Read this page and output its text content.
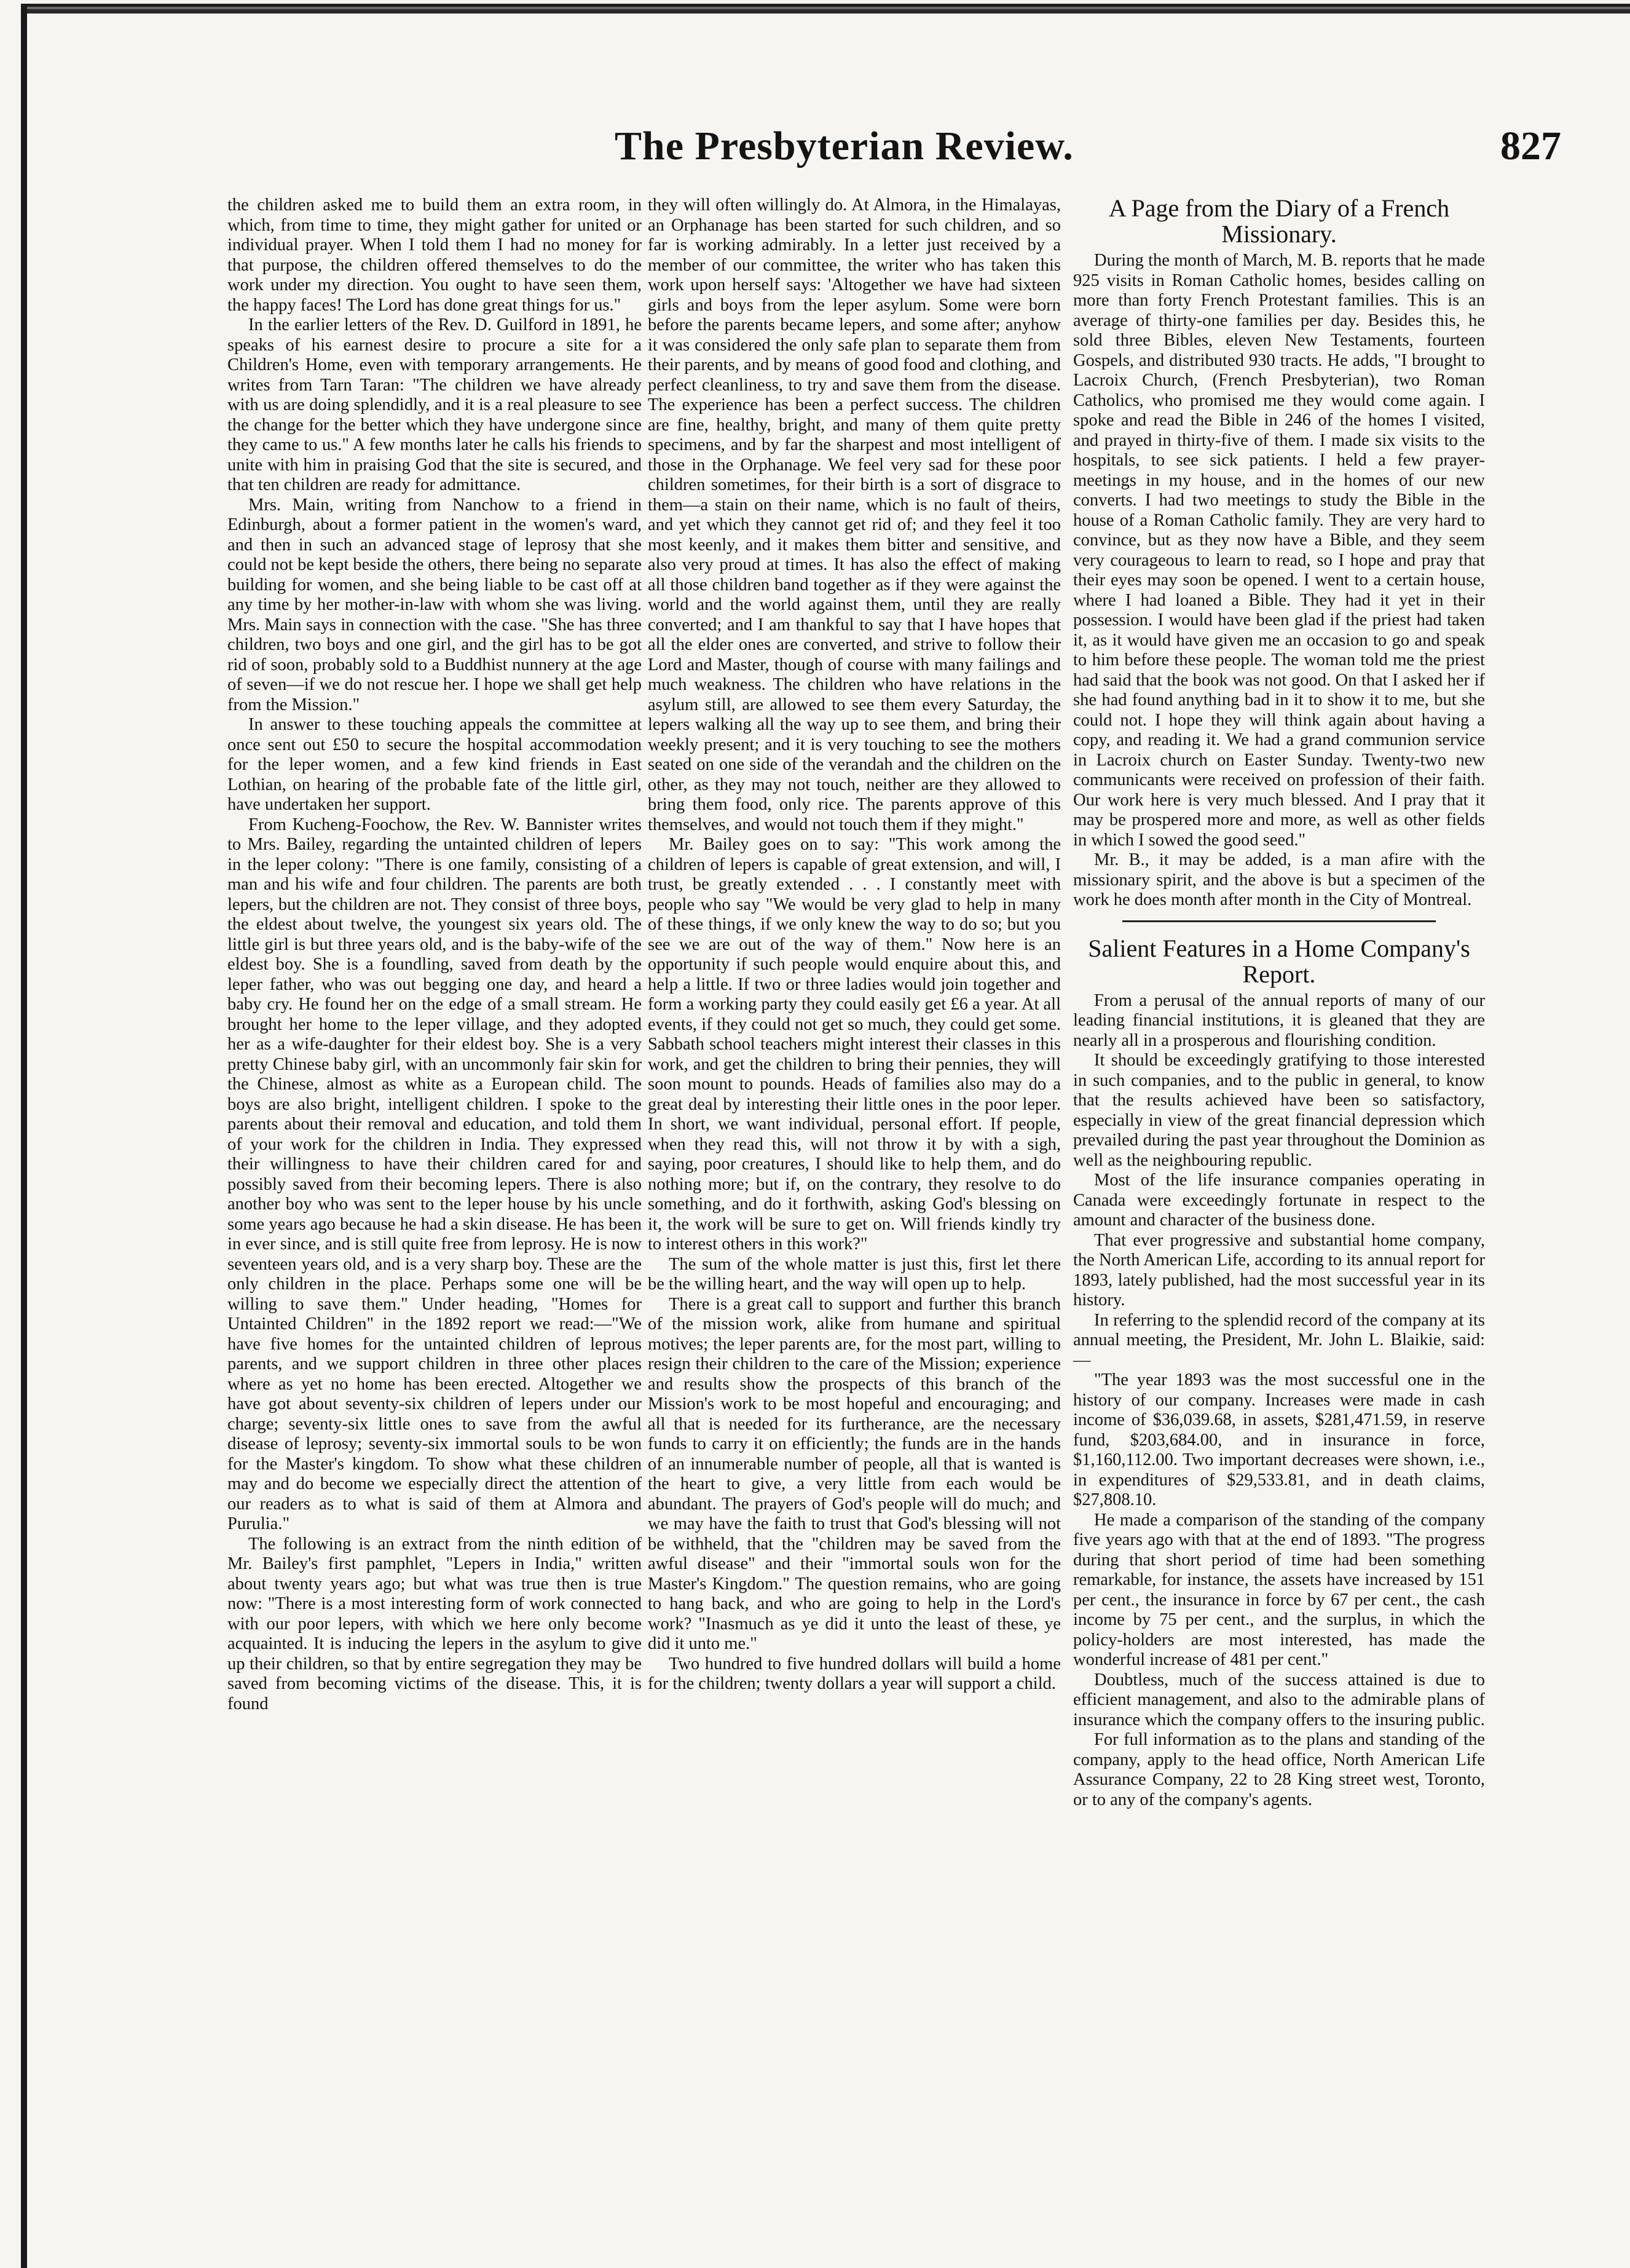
The Presbyterian Review.	827

the children asked me to build them an extra room, in which, from time to time, they might gather for united or individual prayer. When I told them I had no money for that purpose, the children offered themselves to do the work under my direction. You ought to have seen them, the happy faces! The Lord has done great things for us."

In the earlier letters of the Rev. D. Guilford in 1891, he speaks of his earnest desire to procure a site for a Children's Home, even with temporary arrangements. He writes from Tarn Taran: "The children we have already with us are doing splendidly, and it is a real pleasure to see the change for the better which they have undergone since they came to us." A few months later he calls his friends to unite with him in praising God that the site is secured, and that ten children are ready for admittance.

Mrs. Main, writing from Nanchow to a friend in Edinburgh, about a former patient in the women's ward, and then in such an advanced stage of leprosy that she could not be kept beside the others, there being no separate building for women, and she being liable to be cast off at any time by her mother-in-law with whom she was living. Mrs. Main says in connection with the case. "She has three children, two boys and one girl, and the girl has to be got rid of soon, probably sold to a Buddhist nunnery at the age of seven—if we do not rescue her. I hope we shall get help from the Mission."

In answer to these touching appeals the committee at once sent out £50 to secure the hospital accommodation for the leper women, and a few kind friends in East Lothian, on hearing of the probable fate of the little girl, have undertaken her support.

From Kucheng-Foochow, the Rev. W. Bannister writes to Mrs. Bailey, regarding the untainted children of lepers in the leper colony: "There is one family, consisting of a man and his wife and four children. The parents are both lepers, but the children are not. They consist of three boys, the eldest about twelve, the youngest six years old. The little girl is but three years old, and is the baby-wife of the eldest boy. She is a foundling, saved from death by the leper father, who was out begging one day, and heard a baby cry. He found her on the edge of a small stream. He brought her home to the leper village, and they adopted her as a wife-daughter for their eldest boy. She is a very pretty Chinese baby girl, with an uncommonly fair skin for the Chinese, almost as white as a European child. The boys are also bright, intelligent children. I spoke to the parents about their removal and education, and told them of your work for the children in India. They expressed their willingness to have their children cared for and possibly saved from their becoming lepers. There is also another boy who was sent to the leper house by his uncle some years ago because he had a skin disease. He has been in ever since, and is still quite free from leprosy. He is now seventeen years old, and is a very sharp boy. These are the only children in the place. Perhaps some one will be willing to save them." Under heading, "Homes for Untainted Children" in the 1892 report we read:—"We have five homes for the untainted children of leprous parents, and we support children in three other places where as yet no home has been erected. Altogether we have got about seventy-six children of lepers under our charge; seventy-six little ones to save from the awful disease of leprosy; seventy-six immortal souls to be won for the Master's kingdom. To show what these children may and do become we especially direct the attention of our readers as to what is said of them at Almora and Purulia."

The following is an extract from the ninth edition of Mr. Bailey's first pamphlet, "Lepers in India," written about twenty years ago; but what was true then is true now: "There is a most interesting form of work connected with our poor lepers, with which we here only become acquainted. It is inducing the lepers in the asylum to give up their children, so that by entire segregation they may be saved from becoming victims of the disease. This, it is found

they will often willingly do. At Almora, in the Himalayas, an Orphanage has been started for such children, and so far is working admirably. In a letter just received by a member of our committee, the writer who has taken this work upon herself says: 'Altogether we have had sixteen girls and boys from the leper asylum. Some were born before the parents became lepers, and some after; anyhow it was considered the only safe plan to separate them from their parents, and by means of good food and clothing, and perfect cleanliness, to try and save them from the disease. The experience has been a perfect success. The children are fine, healthy, bright, and many of them quite pretty specimens, and by far the sharpest and most intelligent of those in the Orphanage. We feel very sad for these poor children sometimes, for their birth is a sort of disgrace to them—a stain on their name, which is no fault of theirs, and yet which they cannot get rid of; and they feel it too most keenly, and it makes them bitter and sensitive, and also very proud at times. It has also the effect of making all those children band together as if they were against the world and the world against them, until they are really converted; and I am thankful to say that I have hopes that all the elder ones are converted, and strive to follow their Lord and Master, though of course with many failings and much weakness. The children who have relations in the asylum still, are allowed to see them every Saturday, the lepers walking all the way up to see them, and bring their weekly present; and it is very touching to see the mothers seated on one side of the verandah and the children on the other, as they may not touch, neither are they allowed to bring them food, only rice. The parents approve of this themselves, and would not touch them if they might."

Mr. Bailey goes on to say: "This work among the children of lepers is capable of great extension, and will, I trust, be greatly extended . . . I constantly meet with people who say "We would be very glad to help in many of these things, if we only knew the way to do so; but you see we are out of the way of them." Now here is an opportunity if such people would enquire about this, and help a little. If two or three ladies would join together and form a working party they could easily get £6 a year. At all events, if they could not get so much, they could get some. Sabbath school teachers might interest their classes in this work, and get the children to bring their pennies, they will soon mount to pounds. Heads of families also may do a great deal by interesting their little ones in the poor leper. In short, we want individual, personal effort. If people, when they read this, will not throw it by with a sigh, saying, poor creatures, I should like to help them, and do nothing more; but if, on the contrary, they resolve to do something, and do it forthwith, asking God's blessing on it, the work will be sure to get on. Will friends kindly try to interest others in this work?"

The sum of the whole matter is just this, first let there be the willing heart, and the way will open up to help.

There is a great call to support and further this branch of the mission work, alike from humane and spiritual motives; the leper parents are, for the most part, willing to resign their children to the care of the Mission; experience and results show the prospects of this branch of the Mission's work to be most hopeful and encouraging; and all that is needed for its furtherance, are the necessary funds to carry it on efficiently; the funds are in the hands of an innumerable number of people, all that is wanted is the heart to give, a very little from each would be abundant. The prayers of God's people will do much; and we may have the faith to trust that God's blessing will not be withheld, that the "children may be saved from the awful disease" and their "immortal souls won for the Master's Kingdom." The question remains, who are going to hang back, and who are going to help in the Lord's work? "Inasmuch as ye did it unto the least of these, ye did it unto me."

Two hundred to five hundred dollars will build a home for the children; twenty dollars a year will support a child.

A Page from the Diary of a French Missionary.

During the month of March, M. B. reports that he made 925 visits in Roman Catholic homes, besides calling on more than forty French Protestant families. This is an average of thirty-one families per day. Besides this, he sold three Bibles, eleven New Testaments, fourteen Gospels, and distributed 930 tracts. He adds, "I brought to Lacroix Church, (French Presbyterian), two Roman Catholics, who promised me they would come again. I spoke and read the Bible in 246 of the homes I visited, and prayed in thirty-five of them. I made six visits to the hospitals, to see sick patients. I held a few prayer-meetings in my house, and in the homes of our new converts. I had two meetings to study the Bible in the house of a Roman Catholic family. They are very hard to convince, but as they now have a Bible, and they seem very courageous to learn to read, so I hope and pray that their eyes may soon be opened. I went to a certain house, where I had loaned a Bible. They had it yet in their possession. I would have been glad if the priest had taken it, as it would have given me an occasion to go and speak to him before these people. The woman told me the priest had said that the book was not good. On that I asked her if she had found anything bad in it to show it to me, but she could not. I hope they will think again about having a copy, and reading it. We had a grand communion service in Lacroix church on Easter Sunday. Twenty-two new communicants were received on profession of their faith. Our work here is very much blessed. And I pray that it may be prospered more and more, as well as other fields in which I sowed the good seed."

Mr. B., it may be added, is a man afire with the missionary spirit, and the above is but a specimen of the work he does month after month in the City of Montreal.

Salient Features in a Home Company's Report.

From a perusal of the annual reports of many of our leading financial institutions, it is gleaned that they are nearly all in a prosperous and flourishing condition.

It should be exceedingly gratifying to those interested in such companies, and to the public in general, to know that the results achieved have been so satisfactory, especially in view of the great financial depression which prevailed during the past year throughout the Dominion as well as the neighbouring republic.

Most of the life insurance companies operating in Canada were exceedingly fortunate in respect to the amount and character of the business done.

That ever progressive and substantial home company, the North American Life, according to its annual report for 1893, lately published, had the most successful year in its history.

In referring to the splendid record of the company at its annual meeting, the President, Mr. John L. Blaikie, said:—

"The year 1893 was the most successful one in the history of our company. Increases were made in cash income of $36,039.68, in assets, $281,471.59, in reserve fund, $203,684.00, and in insurance in force, $1,160,112.00. Two important decreases were shown, i.e., in expenditures of $29,533.81, and in death claims, $27,808.10.

He made a comparison of the standing of the company five years ago with that at the end of 1893. "The progress during that short period of time had been something remarkable, for instance, the assets have increased by 151 per cent., the insurance in force by 67 per cent., the cash income by 75 per cent., and the surplus, in which the policy-holders are most interested, has made the wonderful increase of 481 per cent."

Doubtless, much of the success attained is due to efficient management, and also to the admirable plans of insurance which the company offers to the insuring public.

For full information as to the plans and standing of the company, apply to the head office, North American Life Assurance Company, 22 to 28 King street west, Toronto, or to any of the company's agents.
